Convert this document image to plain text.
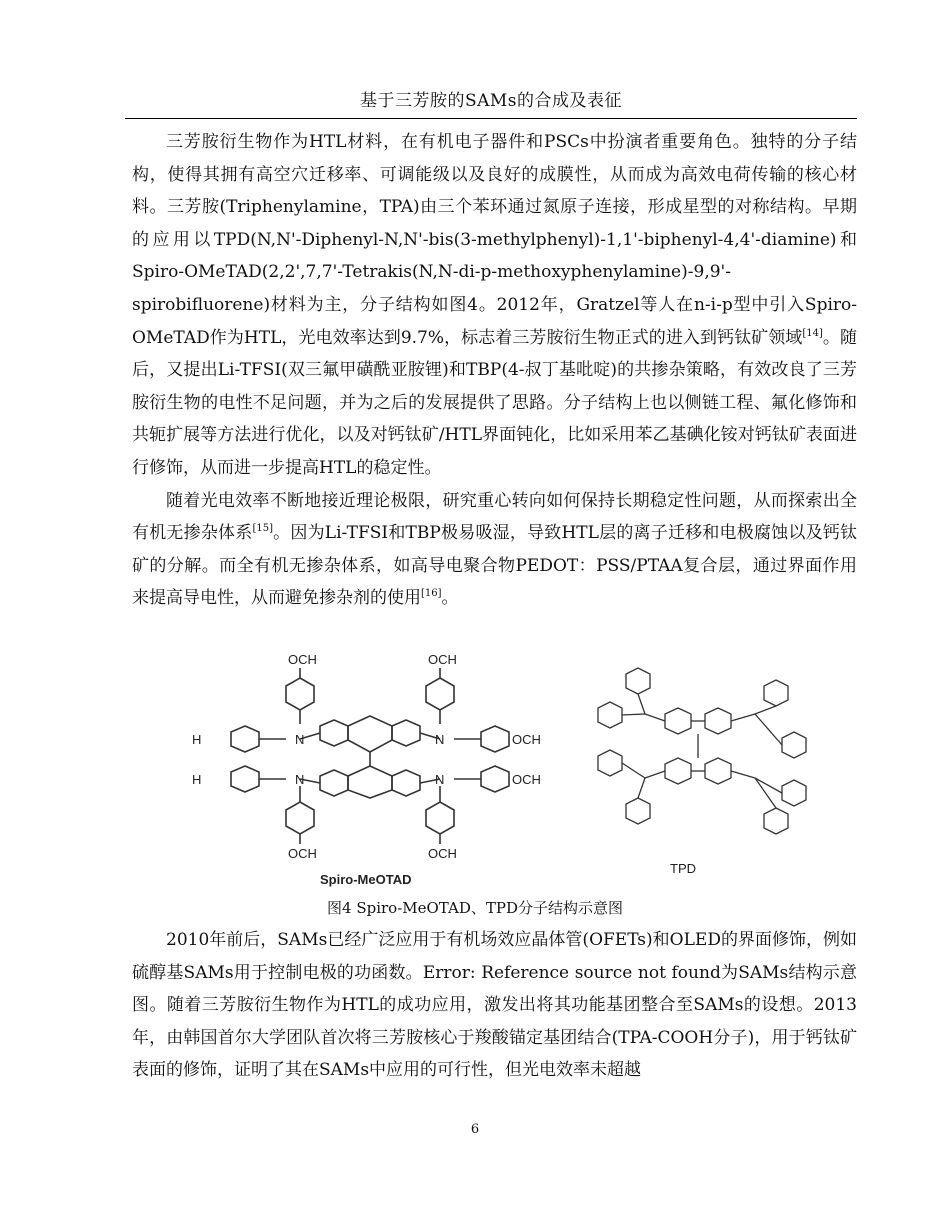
基于三芳胺的SAMs的合成及表征

三芳胺衍生物作为HTL材料，在有机电子器件和PSCs中扮演者重要角色。独特的分子结构，使得其拥有高空穴迁移率、可调能级以及良好的成膜性，从而成为高效电荷传输的核心材料。三芳胺(Triphenylamine，TPA)由三个苯环通过氮原子连接，形成星型的对称结构。早期的应用以TPD(N,N'-Diphenyl-N,N'-bis(3-methylphenyl)-1,1'-biphenyl-4,4'-diamine)和Spiro-OMeTAD(2,2',7,7'-Tetrakis(N,N-di-p-methoxyphenylamine)-9,9'-spirobifluorene)材料为主，分子结构如图4。2012年，Gratzel等人在n-i-p型中引入Spiro-OMeTAD作为HTL，光电效率达到9.7%，标志着三芳胺衍生物正式的进入到钙钛矿领域[14]。随后，又提出Li-TFSI(双三氟甲磺酰亚胺锂)和TBP(4-叔丁基吡啶)的共掺杂策略，有效改良了三芳胺衍生物的电性不足问题，并为之后的发展提供了思路。分子结构上也以侧链工程、氟化修饰和共轭扩展等方法进行优化，以及对钙钛矿/HTL界面钝化，比如采用苯乙基碘化铵对钙钛矿表面进行修饰，从而进一步提高HTL的稳定性。

随着光电效率不断地接近理论极限，研究重心转向如何保持长期稳定性问题，从而探索出全有机无掺杂体系[15]。因为Li-TFSI和TBP极易吸湿，导致HTL层的离子迁移和电极腐蚀以及钙钛矿的分解。而全有机无掺杂体系，如高导电聚合物PEDOT：PSS/PTAA复合层，通过界面作用来提高导电性，从而避免掺杂剂的使用[16]。

OCH	OCH
N	N
N	N
H
H
OCH
OCH
OCH	OCH
Spiro-MeOTAD
TPD
图4 Spiro-MeOTAD、TPD分子结构示意图

2010年前后，SAMs已经广泛应用于有机场效应晶体管(OFETs)和OLED的界面修饰，例如硫醇基SAMs用于控制电极的功函数。Error: Reference source not found为SAMs结构示意图。随着三芳胺衍生物作为HTL的成功应用，激发出将其功能基团整合至SAMs的设想。2013年，由韩国首尔大学团队首次将三芳胺核心于羧酸锚定基团结合(TPA-COOH分子)，用于钙钛矿表面的修饰，证明了其在SAMs中应用的可行性，但光电效率未超越

6
